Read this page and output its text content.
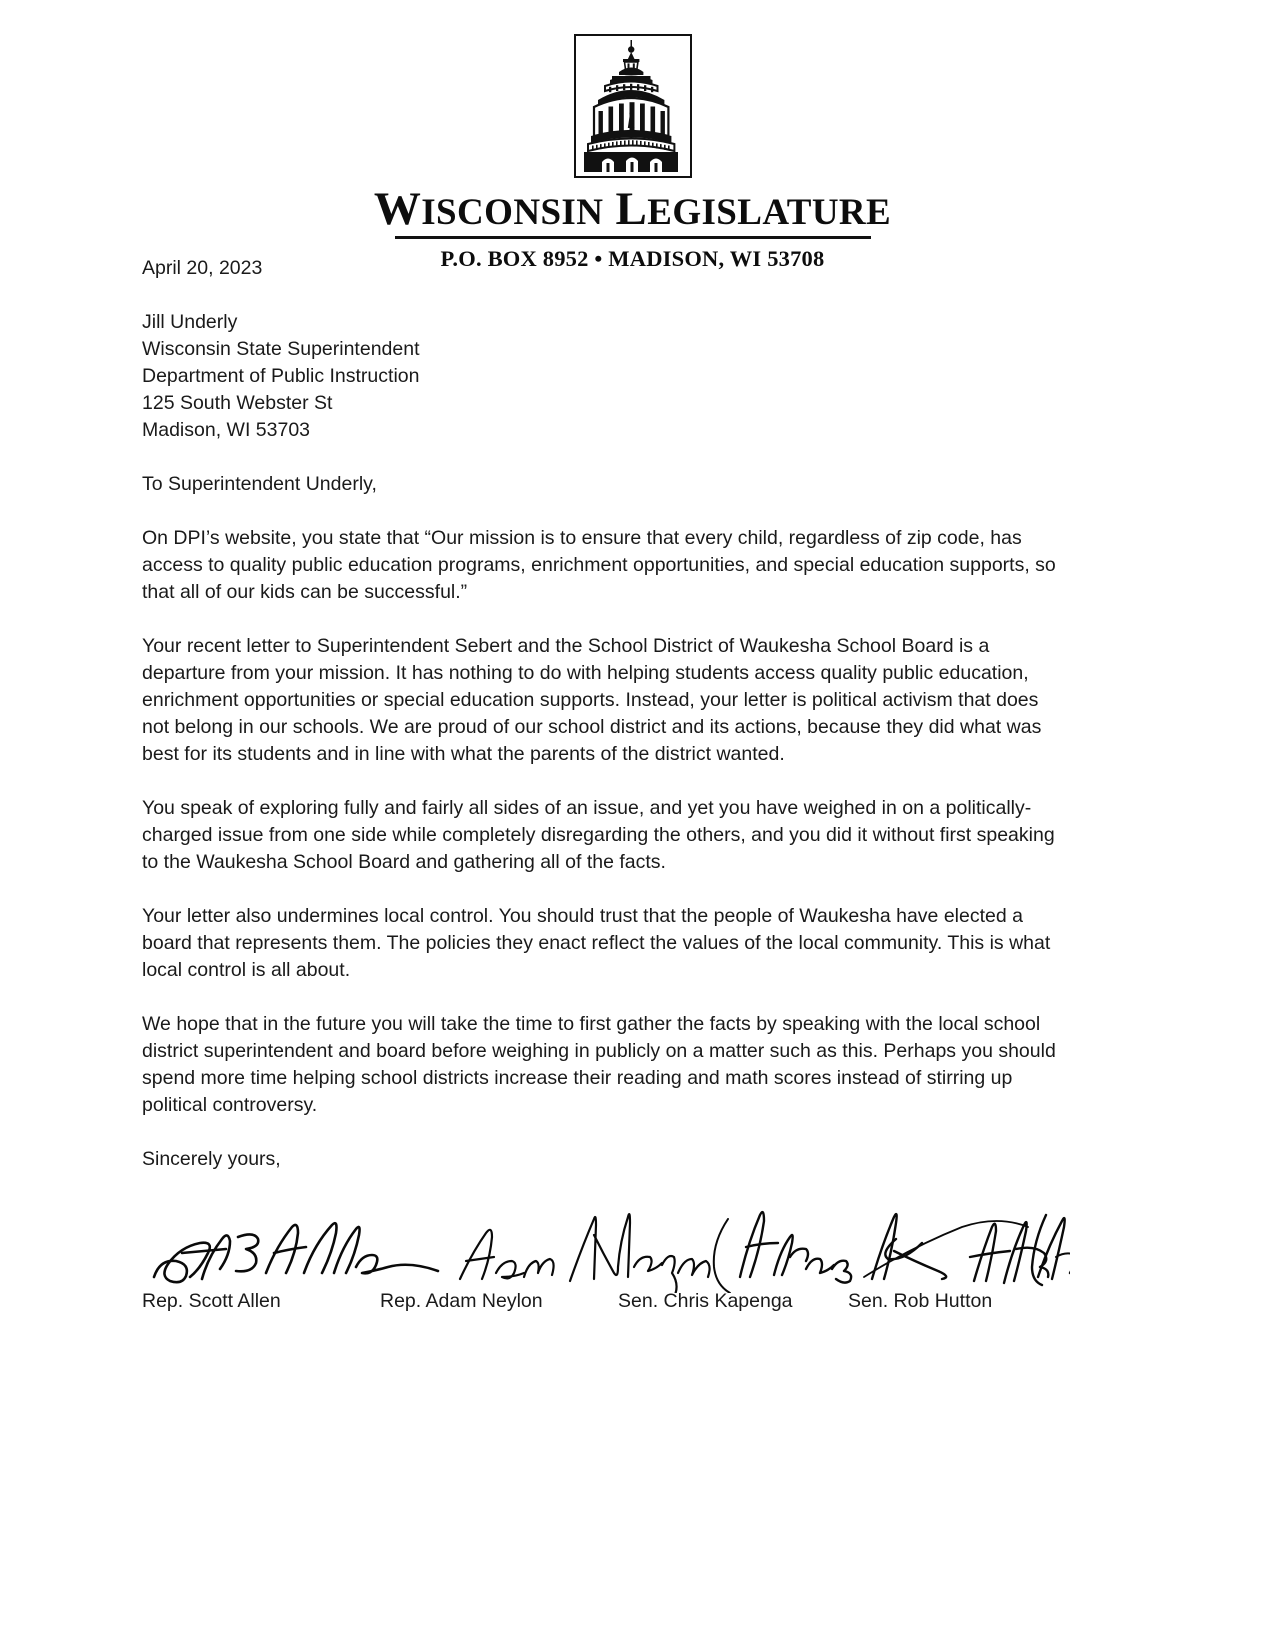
WISCONSIN LEGISLATURE
P.O. BOX 8952 • MADISON, WI 53708
April 20, 2023
Jill Underly
Wisconsin State Superintendent
Department of Public Instruction
125 South Webster St
Madison, WI 53703
To Superintendent Underly,

On DPI’s website, you state that “Our mission is to ensure that every child, regardless of zip code, has access to quality public education programs, enrichment opportunities, and special education supports, so that all of our kids can be successful.”

Your recent letter to Superintendent Sebert and the School District of Waukesha School Board is a departure from your mission. It has nothing to do with helping students access quality public education, enrichment opportunities or special education supports. Instead, your letter is political activism that does not belong in our schools. We are proud of our school district and its actions, because they did what was best for its students and in line with what the parents of the district wanted.

You speak of exploring fully and fairly all sides of an issue, and yet you have weighed in on a politically-charged issue from one side while completely disregarding the others, and you did it without first speaking to the Waukesha School Board and gathering all of the facts.

Your letter also undermines local control. You should trust that the people of Waukesha have elected a board that represents them. The policies they enact reflect the values of the local community. This is what local control is all about.

We hope that in the future you will take the time to first gather the facts by speaking with the local school district superintendent and board before weighing in publicly on a matter such as this. Perhaps you should spend more time helping school districts increase their reading and math scores instead of stirring up political controversy.

Sincerely yours,
Rep. Scott Allen	Rep. Adam Neylon	Sen. Chris Kapenga	Sen. Rob Hutton
